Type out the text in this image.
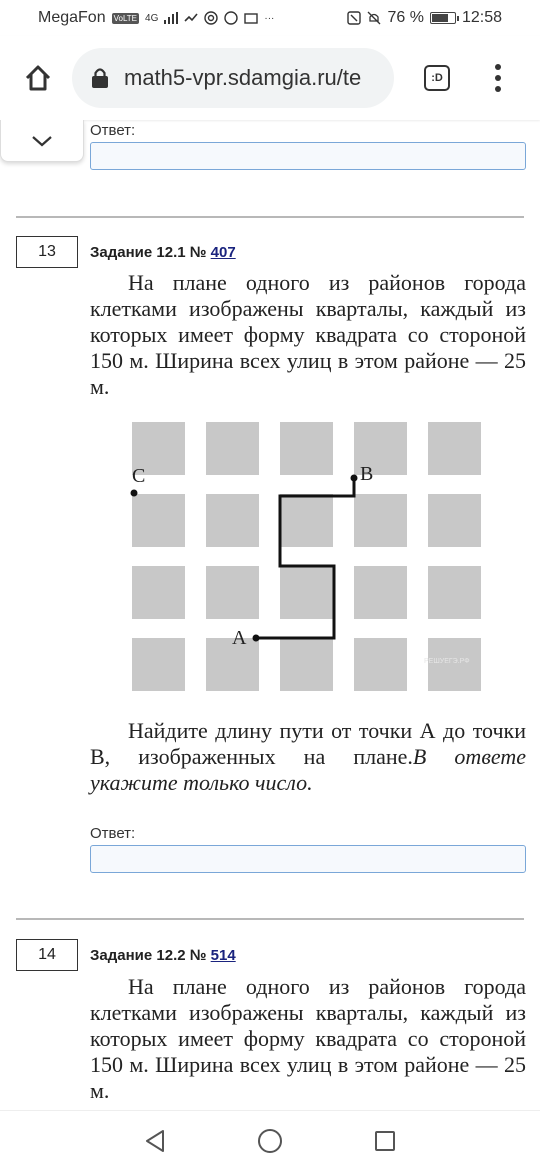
MegaFon VoLTE 4G	···	76 % 12:58
math5-vpr.sdamgia.ru/te	:D
Ответ:
13	Задание 12.1 № 407
На плане одного из районов города клетками изображены кварталы, каждый из которых имеет форму квадрата со стороной 150 м. Ширина всех улиц в этом районе — 25 м.
A
B
C
РЕШУЕГЭ.РФ
Найдите длину пути от точки А до точки В, изображенных на плане.В ответе укажите только число.
Ответ:
14	Задание 12.2 № 514
На плане одного из районов города клетками изображены кварталы, каждый из которых имеет форму квадрата со стороной 150 м. Ширина всех улиц в этом районе — 25 м.
